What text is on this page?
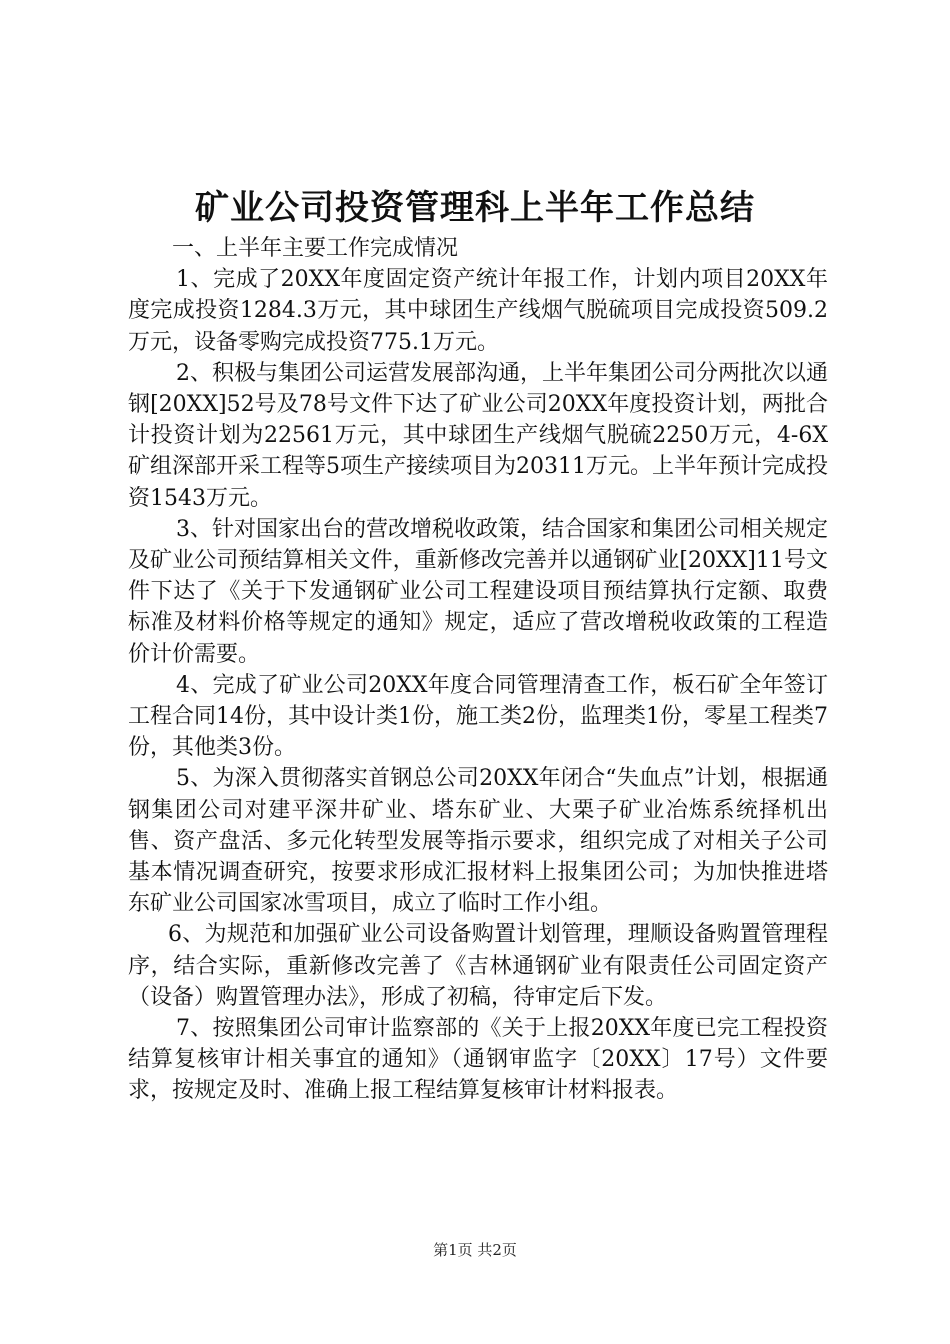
矿业公司投资管理科上半年工作总结

一、上半年主要工作完成情况

1、完成了20XX年度固定资产统计年报工作，计划内项目20XX年度完成投资1284.3万元，其中球团生产线烟气脱硫项目完成投资509.2万元，设备零购完成投资775.1万元。

2、积极与集团公司运营发展部沟通，上半年集团公司分两批次以通钢[20XX]52号及78号文件下达了矿业公司20XX年度投资计划，两批合计投资计划为22561万元，其中球团生产线烟气脱硫2250万元，4-6X矿组深部开采工程等5项生产接续项目为20311万元。上半年预计完成投资1543万元。

3、针对国家出台的营改增税收政策，结合国家和集团公司相关规定及矿业公司预结算相关文件，重新修改完善并以通钢矿业[20XX]11号文件下达了《关于下发通钢矿业公司工程建设项目预结算执行定额、取费标准及材料价格等规定的通知》规定，适应了营改增税收政策的工程造价计价需要。

4、完成了矿业公司20XX年度合同管理清查工作，板石矿全年签订工程合同14份，其中设计类1份，施工类2份，监理类1份，零星工程类7份，其他类3份。

5、为深入贯彻落实首钢总公司20XX年闭合“失血点”计划，根据通钢集团公司对建平深井矿业、塔东矿业、大栗子矿业冶炼系统择机出售、资产盘活、多元化转型发展等指示要求，组织完成了对相关子公司基本情况调查研究，按要求形成汇报材料上报集团公司；为加快推进塔东矿业公司国家冰雪项目，成立了临时工作小组。

6、为规范和加强矿业公司设备购置计划管理，理顺设备购置管理程序，结合实际，重新修改完善了《吉林通钢矿业有限责任公司固定资产（设备）购置管理办法》，形成了初稿，待审定后下发。

7、按照集团公司审计监察部的《关于上报20XX年度已完工程投资结算复核审计相关事宜的通知》（通钢审监字〔20XX〕17号）文件要求，按规定及时、准确上报工程结算复核审计材料报表。

第1页 共2页
